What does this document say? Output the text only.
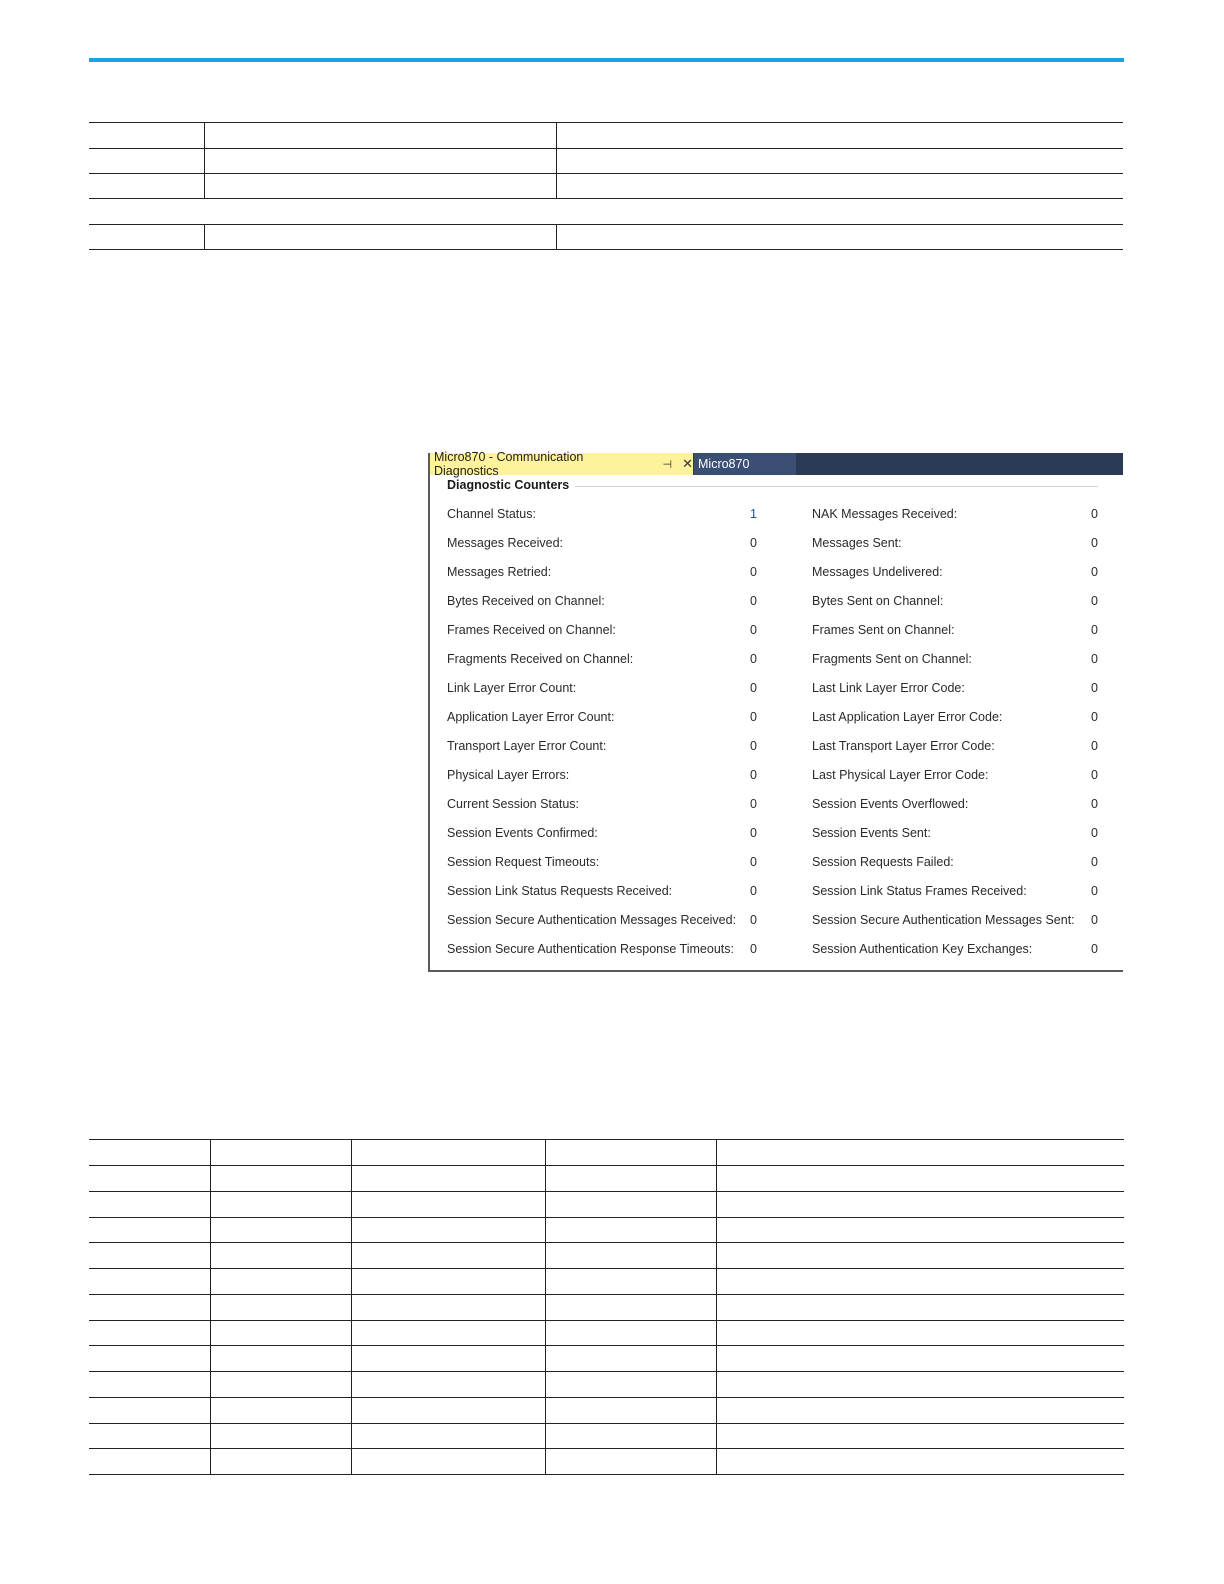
Micro870 - Communication Diagnostics	⊣ ✕ Micro870
Diagnostic Counters
Channel Status:	1	NAK Messages Received:	0
Messages Received:	0	Messages Sent:	0
Messages Retried:	0	Messages Undelivered:	0
Bytes Received on Channel:	0	Bytes Sent on Channel:	0
Frames Received on Channel:	0	Frames Sent on Channel:	0
Fragments Received on Channel:	0	Fragments Sent on Channel:	0
Link Layer Error Count:	0	Last Link Layer Error Code:	0
Application Layer Error Count:	0	Last Application Layer Error Code:	0
Transport Layer Error Count:	0	Last Transport Layer Error Code:	0
Physical Layer Errors:	0	Last Physical Layer Error Code:	0
Current Session Status:	0	Session Events Overflowed:	0
Session Events Confirmed:	0	Session Events Sent:	0
Session Request Timeouts:	0	Session Requests Failed:	0
Session Link Status Requests Received:	0	Session Link Status Frames Received:	0
Session Secure Authentication Messages Received: 0	Session Secure Authentication Messages Sent: 0
Session Secure Authentication Response Timeouts: 0	Session Authentication Key Exchanges:	0
